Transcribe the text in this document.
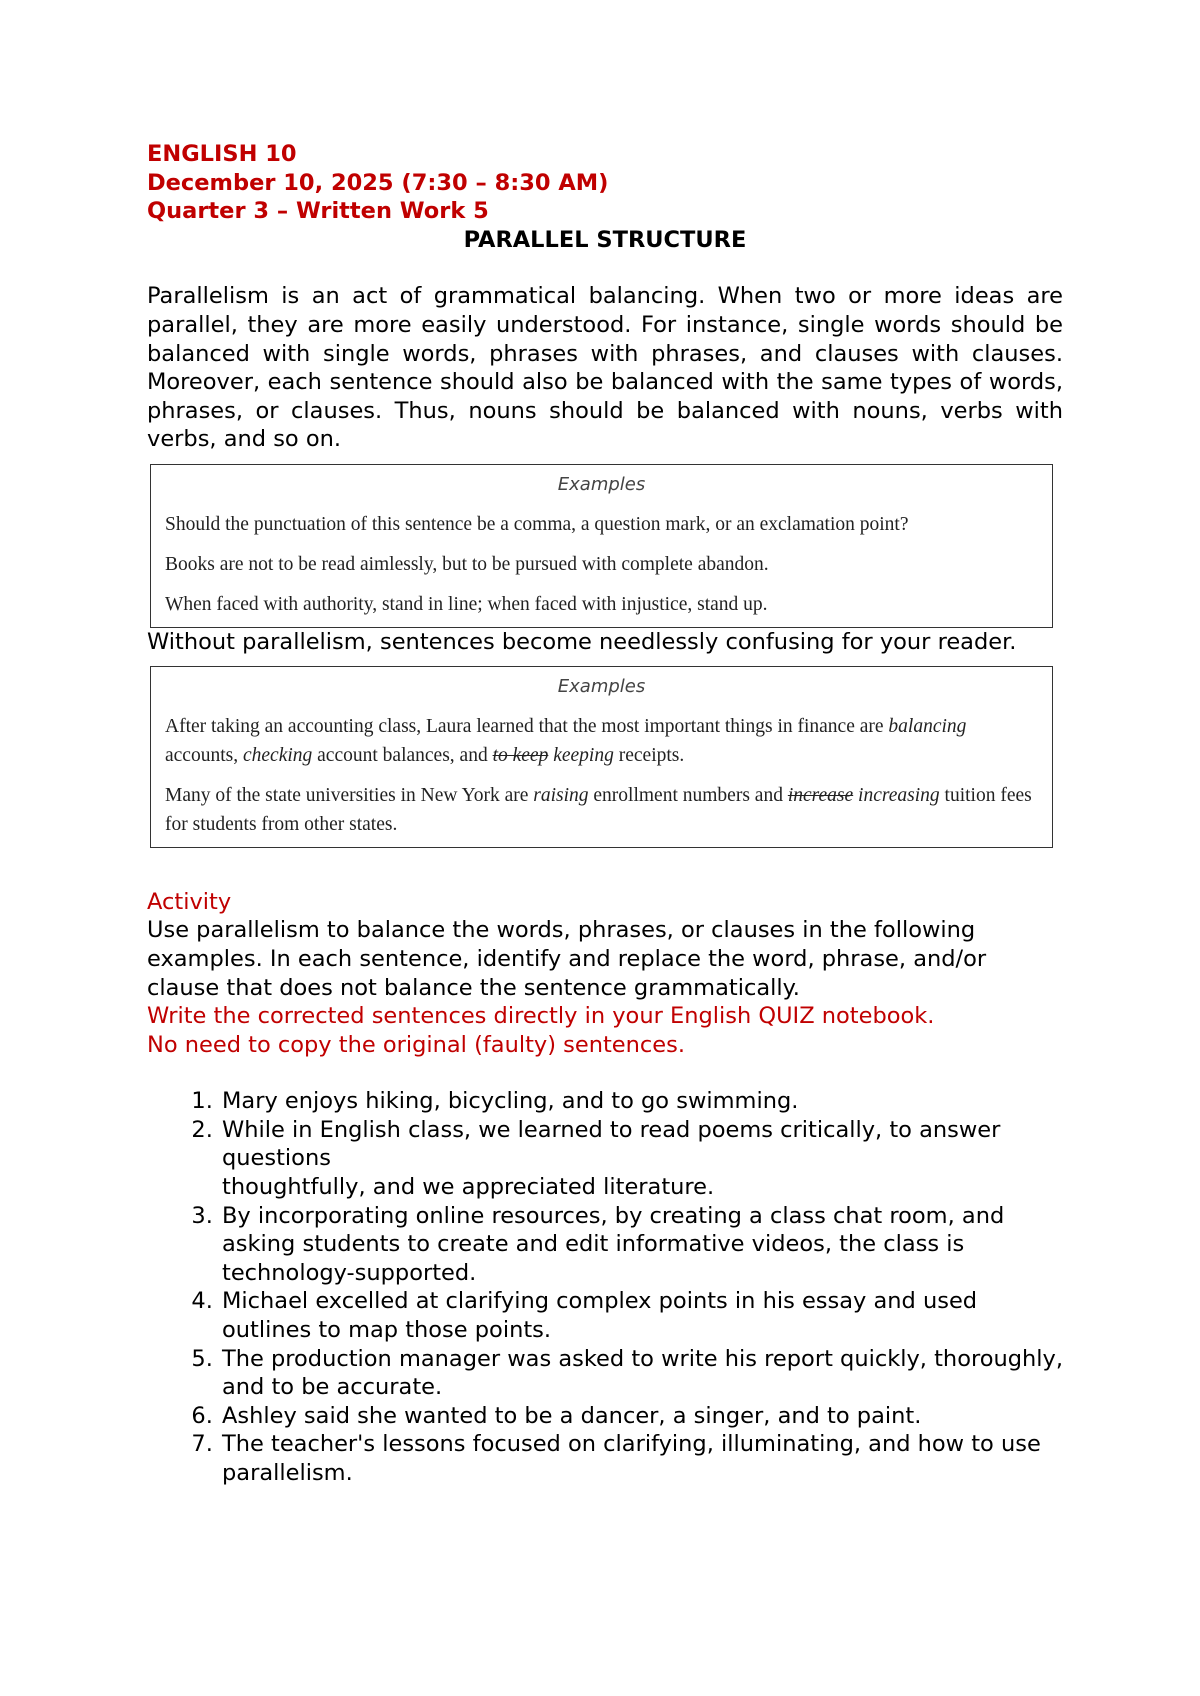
ENGLISH 10

December 10, 2025 (7:30 – 8:30 AM)

Quarter 3 – Written Work 5

PARALLEL STRUCTURE

Parallelism is an act of grammatical balancing. When two or more ideas are parallel, they are more easily understood. For instance, single words should be balanced with single words, phrases with phrases, and clauses with clauses. Moreover, each sentence should also be balanced with the same types of words, phrases, or clauses. Thus, nouns should be balanced with nouns, verbs with verbs, and so on.

Examples

Should the punctuation of this sentence be a comma, a question mark, or an exclamation point?

Books are not to be read aimlessly, but to be pursued with complete abandon.

When faced with authority, stand in line; when faced with injustice, stand up.

Without parallelism, sentences become needlessly confusing for your reader.

Examples

After taking an accounting class, Laura learned that the most important things in finance are balancing accounts, checking account balances, and to keep keeping receipts.

Many of the state universities in New York are raising enrollment numbers and increase increasing tuition fees for students from other states.

Activity

Use parallelism to balance the words, phrases, or clauses in the following examples. In each sentence, identify and replace the word, phrase, and/or clause that does not balance the sentence grammatically.

Write the corrected sentences directly in your English QUIZ notebook.

No need to copy the original (faulty) sentences.

1. Mary enjoys hiking, bicycling, and to go swimming.
2. While in English class, we learned to read poems critically, to answer questions
thoughtfully, and we appreciated literature.
3. By incorporating online resources, by creating a class chat room, and asking students to create and edit informative videos, the class is technology-supported.
4. Michael excelled at clarifying complex points in his essay and used outlines to map those points.
5. The production manager was asked to write his report quickly, thoroughly, and to be accurate.
6. Ashley said she wanted to be a dancer, a singer, and to paint.
7. The teacher's lessons focused on clarifying, illuminating, and how to use parallelism.
